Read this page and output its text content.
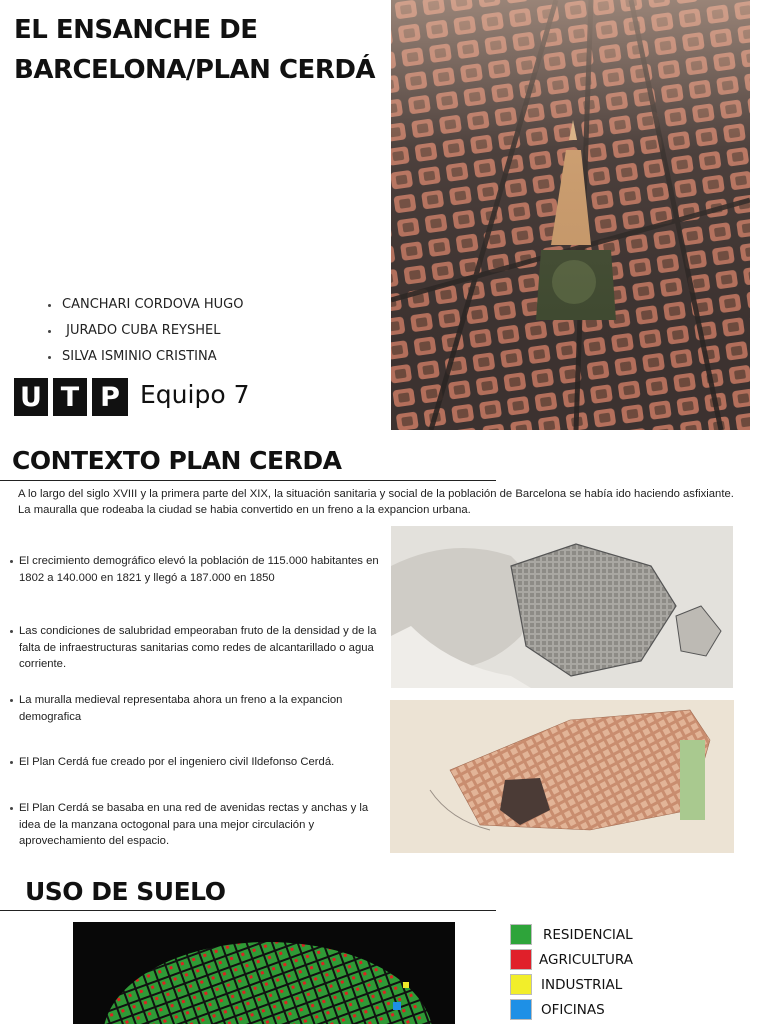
EL ENSANCHE DE
BARCELONA/PLAN CERDÁ
CANCHARI CORDOVA HUGO
JURADO CUBA REYSHEL
SILVA ISMINIO CRISTINA
U T P Equipo 7
CONTEXTO PLAN CERDA
A lo largo del siglo XVIII y la primera parte del XIX, la situación sanitaria y social de la población de Barcelona se había ido haciendo asfixiante. La mauralla que rodeaba la ciudad se habia convertido en un freno a la expancion urbana.
El crecimiento demográfico elevó la población de 115.000 habitantes en 1802 a 140.000 en 1821 y llegó a 187.000 en 1850
Las condiciones de salubridad empeoraban fruto de la densidad y de la falta de infraestructuras sanitarias como redes de alcantarillado o agua corriente.
La muralla medieval representaba ahora un freno a la expancion demografica
El Plan Cerdá fue creado por el ingeniero civil Ildefonso Cerdá.
El Plan Cerdá se basaba en una red de avenidas rectas y anchas y la idea de la manzana octogonal para una mejor circulación y aprovechamiento del espacio.
USO DE SUELO
RESIDENCIAL
AGRICULTURA
INDUSTRIAL
OFICINAS
